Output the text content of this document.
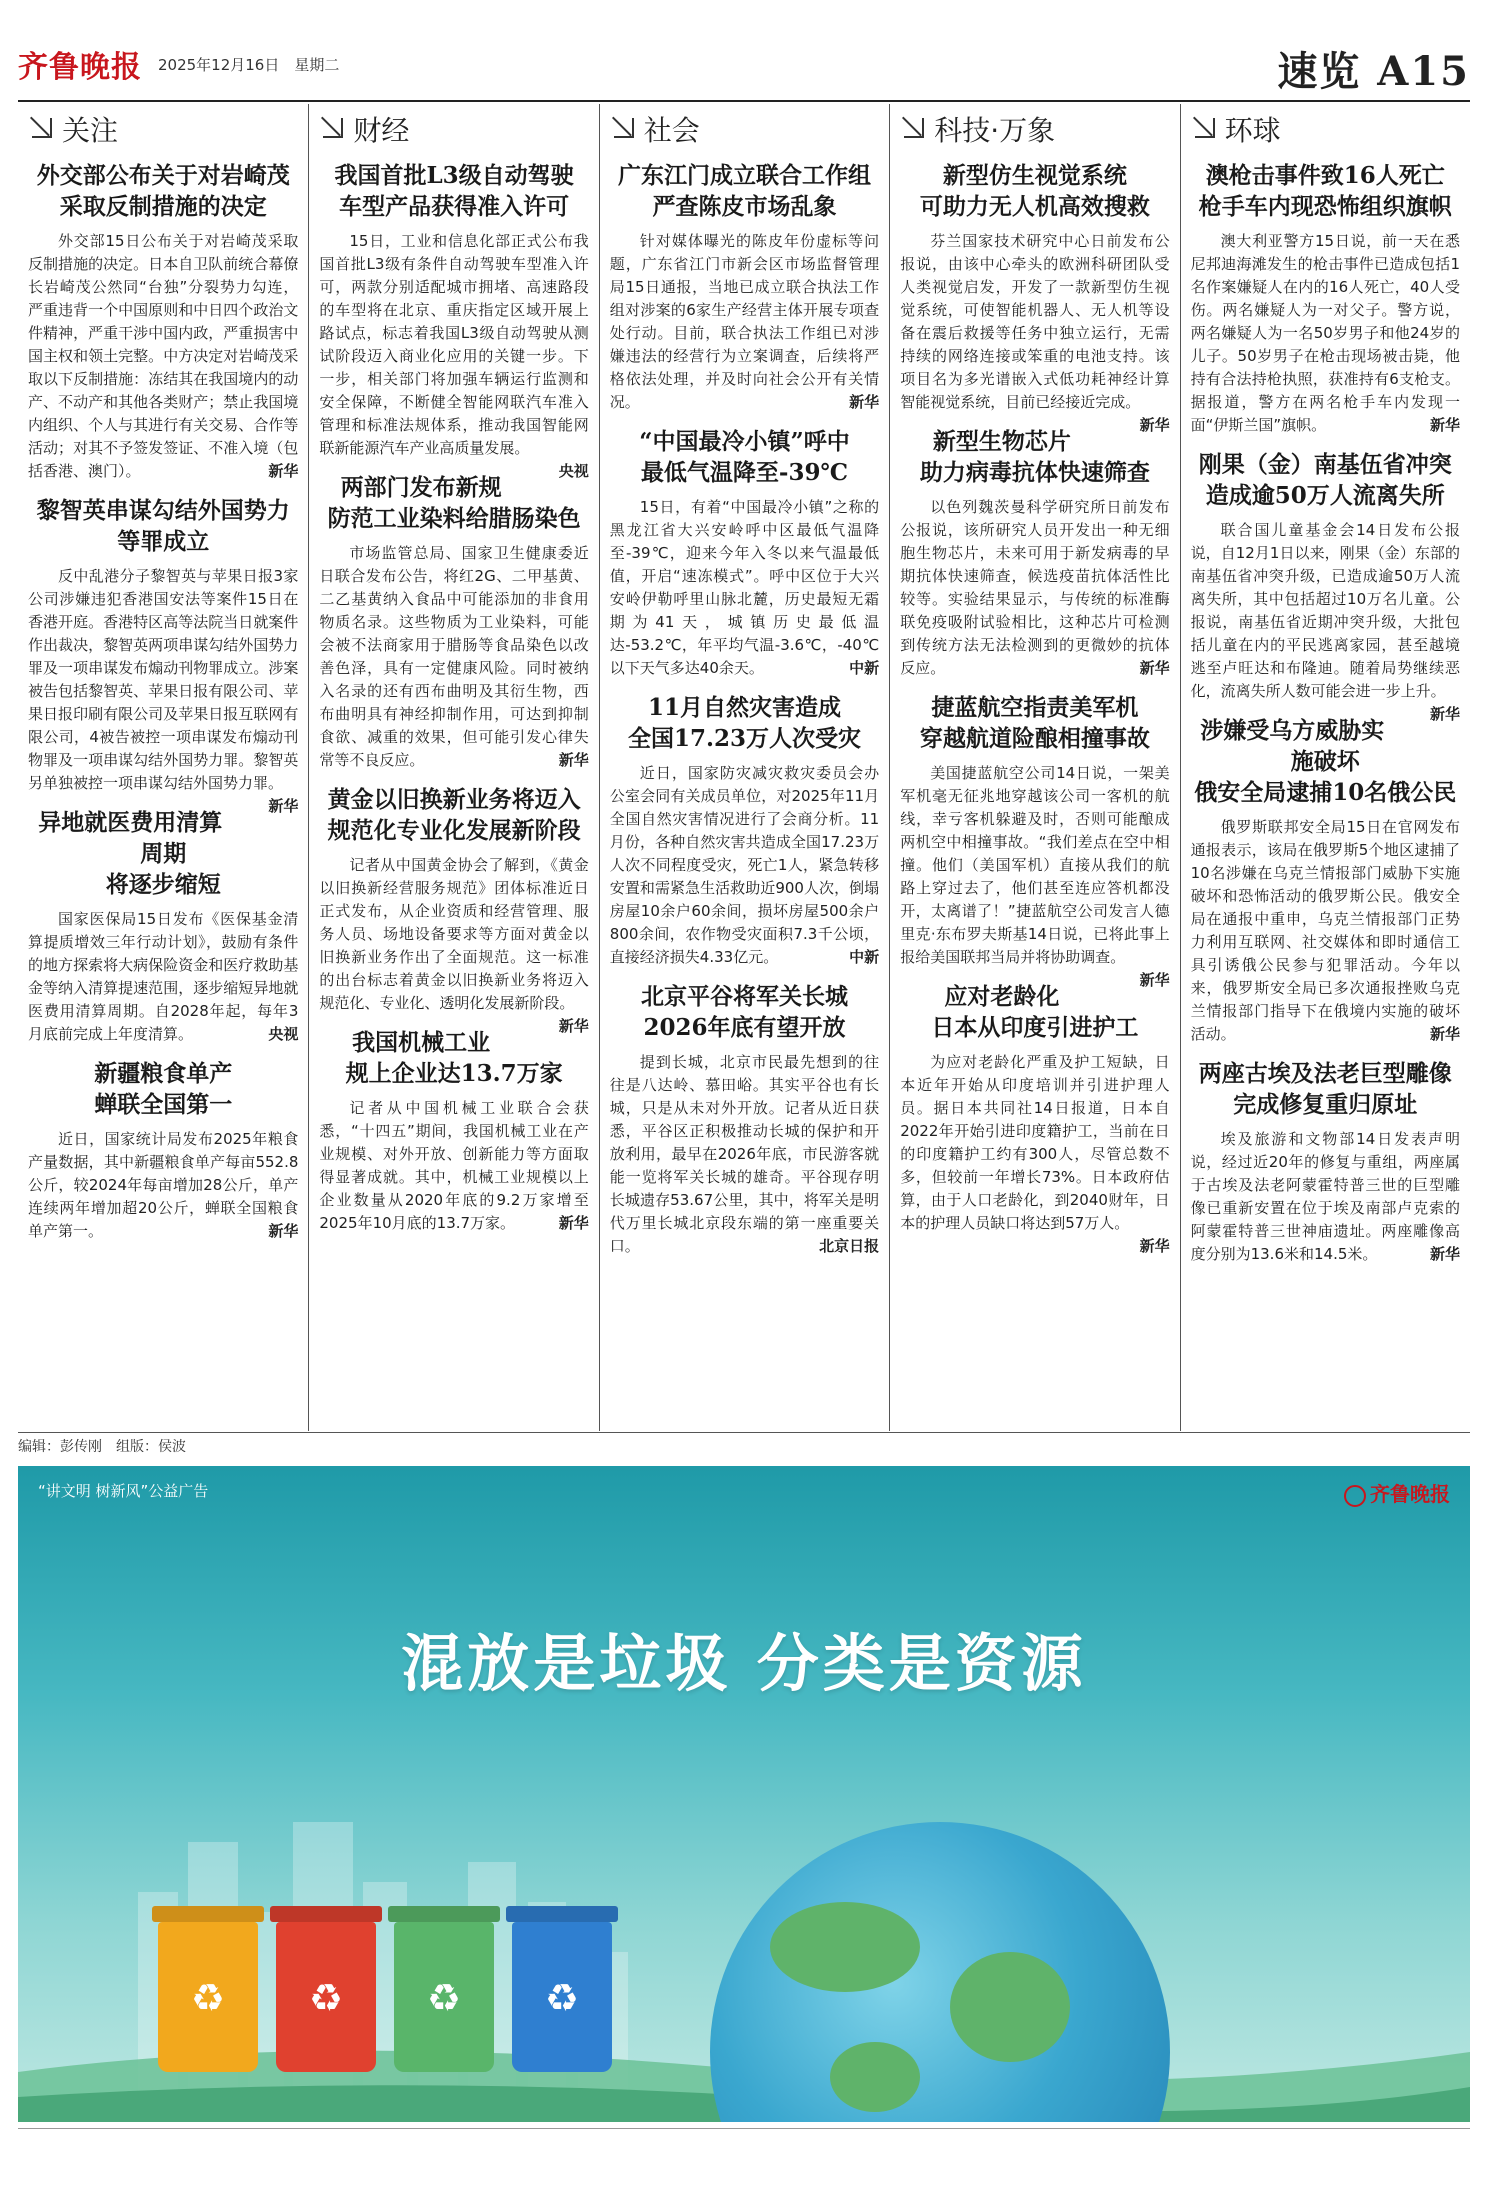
齐鲁晚报 2025年12月16日　星期二	速览 A15
关注
外交部公布关于对岩崎茂
采取反制措施的决定

外交部15日公布关于对岩崎茂采取反制措施的决定。日本自卫队前统合幕僚长岩崎茂公然同“台独”分裂势力勾连，严重违背一个中国原则和中日四个政治文件精神，严重干涉中国内政，严重损害中国主权和领土完整。中方决定对岩崎茂采取以下反制措施：冻结其在我国境内的动产、不动产和其他各类财产；禁止我国境内组织、个人与其进行有关交易、合作等活动；对其不予签发签证、不准入境（包括香港、澳门）。	新华

黎智英串谋勾结外国势力
等罪成立

反中乱港分子黎智英与苹果日报3家公司涉嫌违犯香港国安法等案件15日在香港开庭。香港特区高等法院当日就案件作出裁决，黎智英两项串谋勾结外国势力罪及一项串谋发布煽动刊物罪成立。涉案被告包括黎智英、苹果日报有限公司、苹果日报印刷有限公司及苹果日报互联网有限公司，4被告被控一项串谋发布煽动刊物罪及一项串谋勾结外国势力罪。黎智英另单独被控一项串谋勾结外国势力罪。
新华

异地就医费用清算周期
将逐步缩短

国家医保局15日发布《医保基金清算提质增效三年行动计划》，鼓励有条件的地方探索将大病保险资金和医疗救助基金等纳入清算提速范围，逐步缩短异地就医费用清算周期。自2028年起，每年3月底前完成上年度清算。	央视

新疆粮食单产
蝉联全国第一

近日，国家统计局发布2025年粮食产量数据，其中新疆粮食单产每亩552.8公斤，较2024年每亩增加28公斤，单产连续两年增加超20公斤，蝉联全国粮食单产第一。	新华

财经
我国首批L3级自动驾驶
车型产品获得准入许可

15日，工业和信息化部正式公布我国首批L3级有条件自动驾驶车型准入许可，两款分别适配城市拥堵、高速路段的车型将在北京、重庆指定区域开展上路试点，标志着我国L3级自动驾驶从测试阶段迈入商业化应用的关键一步。下一步，相关部门将加强车辆运行监测和安全保障，不断健全智能网联汽车准入管理和标准法规体系，推动我国智能网联新能源汽车产业高质量发展。
央视

两部门发布新规
防范工业染料给腊肠染色

市场监管总局、国家卫生健康委近日联合发布公告，将红2G、二甲基黄、二乙基黄纳入食品中可能添加的非食用物质名录。这些物质为工业染料，可能会被不法商家用于腊肠等食品染色以改善色泽，具有一定健康风险。同时被纳入名录的还有西布曲明及其衍生物，西布曲明具有神经抑制作用，可达到抑制食欲、减重的效果，但可能引发心律失常等不良反应。	新华

黄金以旧换新业务将迈入
规范化专业化发展新阶段

记者从中国黄金协会了解到，《黄金以旧换新经营服务规范》团体标准近日正式发布，从企业资质和经营管理、服务人员、场地设备要求等方面对黄金以旧换新业务作出了全面规范。这一标准的出台标志着黄金以旧换新业务将迈入规范化、专业化、透明化发展新阶段。
新华

我国机械工业
规上企业达13.7万家

记者从中国机械工业联合会获悉，“十四五”期间，我国机械工业在产业规模、对外开放、创新能力等方面取得显著成就。其中，机械工业规模以上企业数量从2020年底的9.2万家增至2025年10月底的13.7万家。	新华

社会
广东江门成立联合工作组
严查陈皮市场乱象

针对媒体曝光的陈皮年份虚标等问题，广东省江门市新会区市场监督管理局15日通报，当地已成立联合执法工作组对涉案的6家生产经营主体开展专项查处行动。目前，联合执法工作组已对涉嫌违法的经营行为立案调查，后续将严格依法处理，并及时向社会公开有关情况。	新华

“中国最冷小镇”呼中
最低气温降至-39℃

15日，有着“中国最冷小镇”之称的黑龙江省大兴安岭呼中区最低气温降至-39℃，迎来今年入冬以来气温最低值，开启“速冻模式”。呼中区位于大兴安岭伊勒呼里山脉北麓，历史最短无霜期为41天，城镇历史最低温达-53.2℃，年平均气温-3.6℃，-40℃以下天气多达40余天。	中新

11月自然灾害造成
全国17.23万人次受灾

近日，国家防灾减灾救灾委员会办公室会同有关成员单位，对2025年11月全国自然灾害情况进行了会商分析。11月份，各种自然灾害共造成全国17.23万人次不同程度受灾，死亡1人，紧急转移安置和需紧急生活救助近900人次，倒塌房屋10余户60余间，损坏房屋500余户800余间，农作物受灾面积7.3千公顷，直接经济损失4.33亿元。	中新

北京平谷将军关长城
2026年底有望开放

提到长城，北京市民最先想到的往往是八达岭、慕田峪。其实平谷也有长城，只是从未对外开放。记者从近日获悉，平谷区正积极推动长城的保护和开放利用，最早在2026年底，市民游客就能一览将军关长城的雄奇。平谷现存明长城遗存53.67公里，其中，将军关是明代万里长城北京段东端的第一座重要关口。	北京日报

科技·万象
新型仿生视觉系统
可助力无人机高效搜救

芬兰国家技术研究中心日前发布公报说，由该中心牵头的欧洲科研团队受人类视觉启发，开发了一款新型仿生视觉系统，可使智能机器人、无人机等设备在震后救援等任务中独立运行，无需持续的网络连接或笨重的电池支持。该项目名为多光谱嵌入式低功耗神经计算智能视觉系统，目前已经接近完成。
新华

新型生物芯片
助力病毒抗体快速筛查

以色列魏茨曼科学研究所日前发布公报说，该所研究人员开发出一种无细胞生物芯片，未来可用于新发病毒的早期抗体快速筛查，候选疫苗抗体活性比较等。实验结果显示，与传统的标准酶联免疫吸附试验相比，这种芯片可检测到传统方法无法检测到的更微妙的抗体反应。	新华

捷蓝航空指责美军机
穿越航道险酿相撞事故

美国捷蓝航空公司14日说，一架美军机毫无征兆地穿越该公司一客机的航线，幸亏客机躲避及时，否则可能酿成两机空中相撞事故。“我们差点在空中相撞。他们（美国军机）直接从我们的航路上穿过去了，他们甚至连应答机都没开，太离谱了！”捷蓝航空公司发言人德里克·东布罗夫斯基14日说，已将此事上报给美国联邦当局并将协助调查。
新华

应对老龄化
日本从印度引进护工

为应对老龄化严重及护工短缺，日本近年开始从印度培训并引进护理人员。据日本共同社14日报道，日本自2022年开始引进印度籍护工，当前在日的印度籍护工约有300人，尽管总数不多，但较前一年增长73%。日本政府估算，由于人口老龄化，到2040财年，日本的护理人员缺口将达到57万人。
新华

环球
澳枪击事件致16人死亡
枪手车内现恐怖组织旗帜

澳大利亚警方15日说，前一天在悉尼邦迪海滩发生的枪击事件已造成包括1名作案嫌疑人在内的16人死亡，40人受伤。两名嫌疑人为一对父子。警方说，两名嫌疑人为一名50岁男子和他24岁的儿子。50岁男子在枪击现场被击毙，他持有合法持枪执照，获准持有6支枪支。据报道，警方在两名枪手车内发现一面“伊斯兰国”旗帜。	新华

刚果（金）南基伍省冲突
造成逾50万人流离失所

联合国儿童基金会14日发布公报说，自12月1日以来，刚果（金）东部的南基伍省冲突升级，已造成逾50万人流离失所，其中包括超过10万名儿童。公报说，南基伍省近期冲突升级，大批包括儿童在内的平民逃离家园，甚至越境逃至卢旺达和布隆迪。随着局势继续恶化，流离失所人数可能会进一步上升。
新华

涉嫌受乌方威胁实施破坏
俄安全局逮捕10名俄公民

俄罗斯联邦安全局15日在官网发布通报表示，该局在俄罗斯5个地区逮捕了10名涉嫌在乌克兰情报部门威胁下实施破坏和恐怖活动的俄罗斯公民。俄安全局在通报中重申，乌克兰情报部门正势力利用互联网、社交媒体和即时通信工具引诱俄公民参与犯罪活动。今年以来，俄罗斯安全局已多次通报挫败乌克兰情报部门指导下在俄境内实施的破坏活动。	新华

两座古埃及法老巨型雕像
完成修复重归原址

埃及旅游和文物部14日发表声明说，经过近20年的修复与重组，两座属于古埃及法老阿蒙霍特普三世的巨型雕像已重新安置在位于埃及南部卢克索的阿蒙霍特普三世神庙遗址。两座雕像高度分别为13.6米和14.5米。	新华

编辑：彭传刚　组版：侯波
“讲文明 树新风”公益广告	齐鲁晚报
混放是垃圾 分类是资源
♻	♻	♻	♻
